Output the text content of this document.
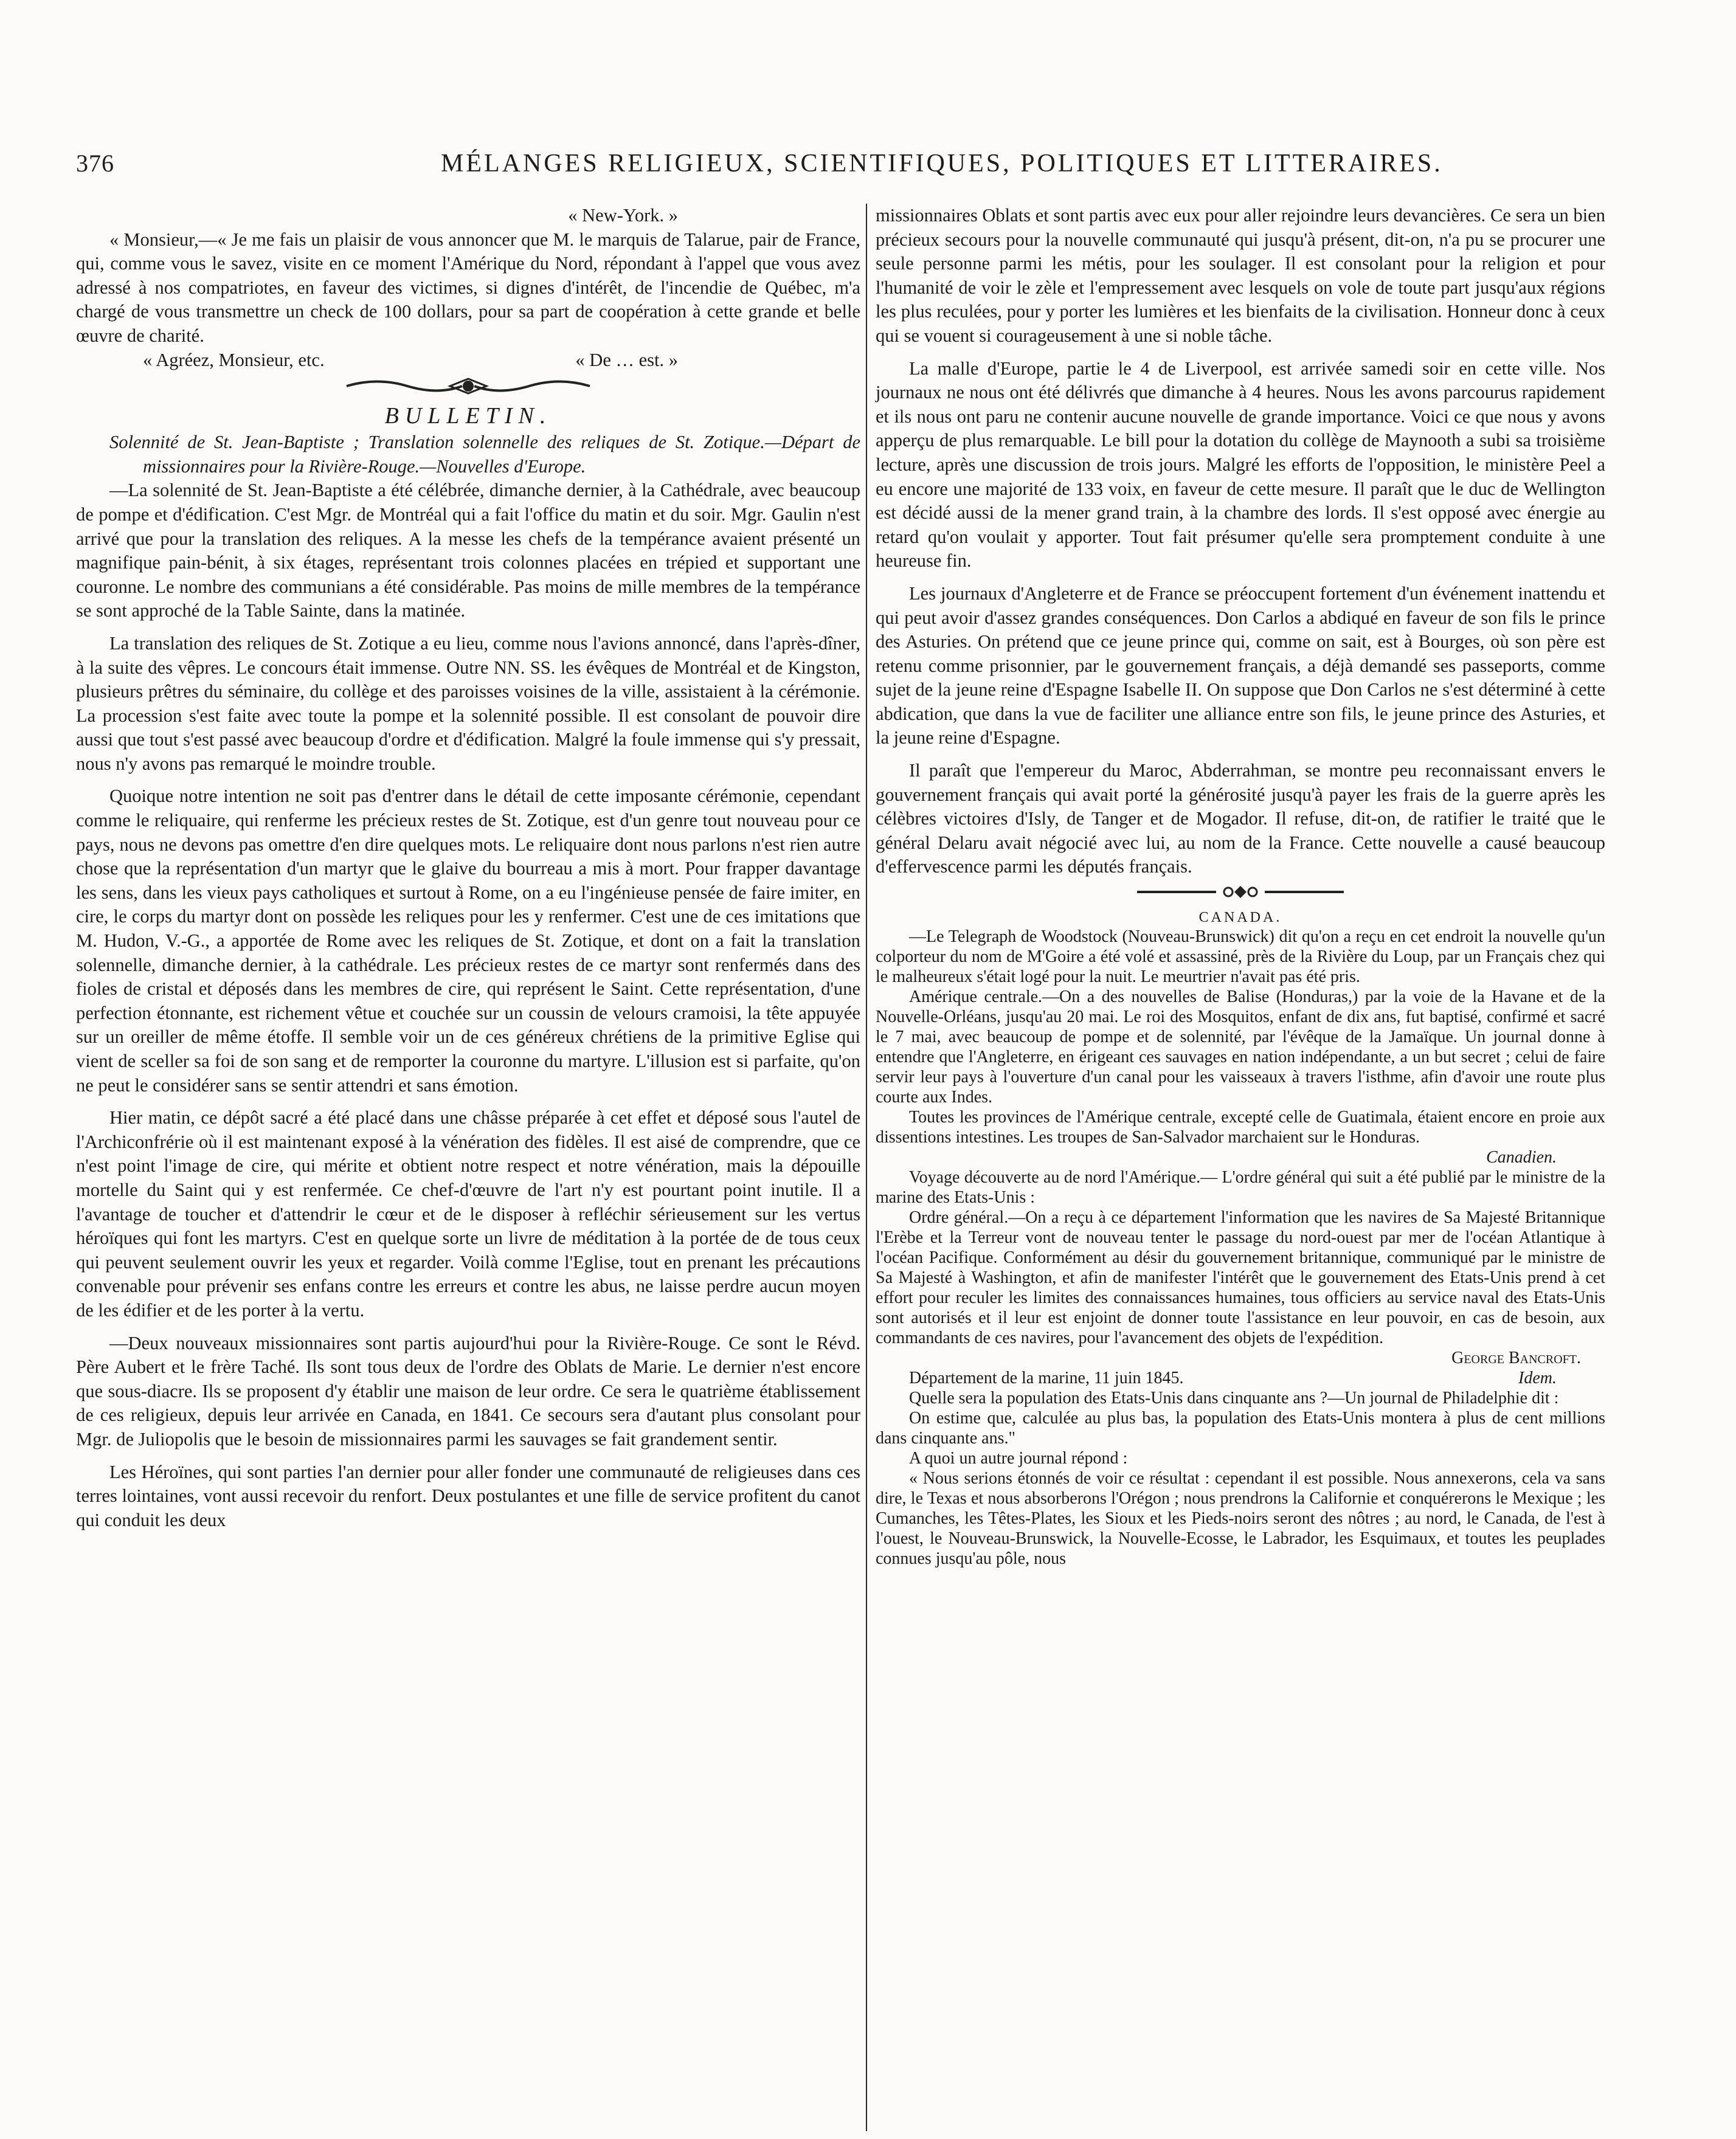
376	MÉLANGES RELIGIEUX, SCIENTIFIQUES, POLITIQUES ET LITTERAIRES.

« New-York. »

« Monsieur,—« Je me fais un plaisir de vous annoncer que M. le marquis de Talarue, pair de France, qui, comme vous le savez, visite en ce moment l'Amérique du Nord, répondant à l'appel que vous avez adressé à nos compatriotes, en faveur des victimes, si dignes d'intérêt, de l'incendie de Québec, m'a chargé de vous transmettre un check de 100 dollars, pour sa part de coopération à cette grande et belle œuvre de charité.

« Agréez, Monsieur, etc.	« De … est. »

BULLETIN.

Solennité de St. Jean-Baptiste ; Translation solennelle des reliques de St. Zotique.—Départ de missionnaires pour la Rivière-Rouge.—Nouvelles d'Europe.

—La solennité de St. Jean-Baptiste a été célébrée, dimanche dernier, à la Cathédrale, avec beaucoup de pompe et d'édification. C'est Mgr. de Montréal qui a fait l'office du matin et du soir. Mgr. Gaulin n'est arrivé que pour la translation des reliques. A la messe les chefs de la tempérance avaient présenté un magnifique pain-bénit, à six étages, représentant trois colonnes placées en trépied et supportant une couronne. Le nombre des communians a été considérable. Pas moins de mille membres de la tempérance se sont approché de la Table Sainte, dans la matinée.

La translation des reliques de St. Zotique a eu lieu, comme nous l'avions annoncé, dans l'après-dîner, à la suite des vêpres. Le concours était immense. Outre NN. SS. les évêques de Montréal et de Kingston, plusieurs prêtres du séminaire, du collège et des paroisses voisines de la ville, assistaient à la cérémonie. La procession s'est faite avec toute la pompe et la solennité possible. Il est consolant de pouvoir dire aussi que tout s'est passé avec beaucoup d'ordre et d'édification. Malgré la foule immense qui s'y pressait, nous n'y avons pas remarqué le moindre trouble.

Quoique notre intention ne soit pas d'entrer dans le détail de cette imposante cérémonie, cependant comme le reliquaire, qui renferme les précieux restes de St. Zotique, est d'un genre tout nouveau pour ce pays, nous ne devons pas omettre d'en dire quelques mots. Le reliquaire dont nous parlons n'est rien autre chose que la représentation d'un martyr que le glaive du bourreau a mis à mort. Pour frapper davantage les sens, dans les vieux pays catholiques et surtout à Rome, on a eu l'ingénieuse pensée de faire imiter, en cire, le corps du martyr dont on possède les reliques pour les y renfermer. C'est une de ces imitations que M. Hudon, V.-G., a apportée de Rome avec les reliques de St. Zotique, et dont on a fait la translation solennelle, dimanche dernier, à la cathédrale. Les précieux restes de ce martyr sont renfermés dans des fioles de cristal et déposés dans les membres de cire, qui représent le Saint. Cette représentation, d'une perfection étonnante, est richement vêtue et couchée sur un coussin de velours cramoisi, la tête appuyée sur un oreiller de même étoffe. Il semble voir un de ces généreux chrétiens de la primitive Eglise qui vient de sceller sa foi de son sang et de remporter la couronne du martyre. L'illusion est si parfaite, qu'on ne peut le considérer sans se sentir attendri et sans émotion.

Hier matin, ce dépôt sacré a été placé dans une châsse préparée à cet effet et déposé sous l'autel de l'Archiconfrérie où il est maintenant exposé à la vénération des fidèles. Il est aisé de comprendre, que ce n'est point l'image de cire, qui mérite et obtient notre respect et notre vénération, mais la dépouille mortelle du Saint qui y est renfermée. Ce chef-d'œuvre de l'art n'y est pourtant point inutile. Il a l'avantage de toucher et d'attendrir le cœur et de le disposer à refléchir sérieusement sur les vertus héroïques qui font les martyrs. C'est en quelque sorte un livre de méditation à la portée de de tous ceux qui peuvent seulement ouvrir les yeux et regarder. Voilà comme l'Eglise, tout en prenant les précautions convenable pour prévenir ses enfans contre les erreurs et contre les abus, ne laisse perdre aucun moyen de les édifier et de les porter à la vertu.

—Deux nouveaux missionnaires sont partis aujourd'hui pour la Rivière-Rouge. Ce sont le Révd. Père Aubert et le frère Taché. Ils sont tous deux de l'ordre des Oblats de Marie. Le dernier n'est encore que sous-diacre. Ils se proposent d'y établir une maison de leur ordre. Ce sera le quatrième établissement de ces religieux, depuis leur arrivée en Canada, en 1841. Ce secours sera d'autant plus consolant pour Mgr. de Juliopolis que le besoin de missionnaires parmi les sauvages se fait grandement sentir.

Les Héroïnes, qui sont parties l'an dernier pour aller fonder une communauté de religieuses dans ces terres lointaines, vont aussi recevoir du renfort. Deux postulantes et une fille de service profitent du canot qui conduit les deux

missionnaires Oblats et sont partis avec eux pour aller rejoindre leurs devancières. Ce sera un bien précieux secours pour la nouvelle communauté qui jusqu'à présent, dit-on, n'a pu se procurer une seule personne parmi les métis, pour les soulager. Il est consolant pour la religion et pour l'humanité de voir le zèle et l'empressement avec lesquels on vole de toute part jusqu'aux régions les plus reculées, pour y porter les lumières et les bienfaits de la civilisation. Honneur donc à ceux qui se vouent si courageusement à une si noble tâche.

La malle d'Europe, partie le 4 de Liverpool, est arrivée samedi soir en cette ville. Nos journaux ne nous ont été délivrés que dimanche à 4 heures. Nous les avons parcourus rapidement et ils nous ont paru ne contenir aucune nouvelle de grande importance. Voici ce que nous y avons apperçu de plus remarquable. Le bill pour la dotation du collège de Maynooth a subi sa troisième lecture, après une discussion de trois jours. Malgré les efforts de l'opposition, le ministère Peel a eu encore une majorité de 133 voix, en faveur de cette mesure. Il paraît que le duc de Wellington est décidé aussi de la mener grand train, à la chambre des lords. Il s'est opposé avec énergie au retard qu'on voulait y apporter. Tout fait présumer qu'elle sera promptement conduite à une heureuse fin.

Les journaux d'Angleterre et de France se préoccupent fortement d'un événement inattendu et qui peut avoir d'assez grandes conséquences. Don Carlos a abdiqué en faveur de son fils le prince des Asturies. On prétend que ce jeune prince qui, comme on sait, est à Bourges, où son père est retenu comme prisonnier, par le gouvernement français, a déjà demandé ses passeports, comme sujet de la jeune reine d'Espagne Isabelle II. On suppose que Don Carlos ne s'est déterminé à cette abdication, que dans la vue de faciliter une alliance entre son fils, le jeune prince des Asturies, et la jeune reine d'Espagne.

Il paraît que l'empereur du Maroc, Abderrahman, se montre peu reconnaissant envers le gouvernement français qui avait porté la générosité jusqu'à payer les frais de la guerre après les célèbres victoires d'Isly, de Tanger et de Mogador. Il refuse, dit-on, de ratifier le traité que le général Delaru avait négocié avec lui, au nom de la France. Cette nouvelle a causé beaucoup d'effervescence parmi les députés français.

CANADA.

—Le Telegraph de Woodstock (Nouveau-Brunswick) dit qu'on a reçu en cet endroit la nouvelle qu'un colporteur du nom de M'Goire a été volé et assassiné, près de la Rivière du Loup, par un Français chez qui le malheureux s'était logé pour la nuit. Le meurtrier n'avait pas été pris.

Amérique centrale.—On a des nouvelles de Balise (Honduras,) par la voie de la Havane et de la Nouvelle-Orléans, jusqu'au 20 mai. Le roi des Mosquitos, enfant de dix ans, fut baptisé, confirmé et sacré le 7 mai, avec beaucoup de pompe et de solennité, par l'évêque de la Jamaïque. Un journal donne à entendre que l'Angleterre, en érigeant ces sauvages en nation indépendante, a un but secret ; celui de faire servir leur pays à l'ouverture d'un canal pour les vaisseaux à travers l'isthme, afin d'avoir une route plus courte aux Indes.

Toutes les provinces de l'Amérique centrale, excepté celle de Guatimala, étaient encore en proie aux dissentions intestines. Les troupes de San-Salvador marchaient sur le Honduras.

Canadien.

Voyage découverte au de nord l'Amérique.— L'ordre général qui suit a été publié par le ministre de la marine des Etats-Unis :

Ordre général.—On a reçu à ce département l'information que les navires de Sa Majesté Britannique l'Erèbe et la Terreur vont de nouveau tenter le passage du nord-ouest par mer de l'océan Atlantique à l'océan Pacifique. Conformément au désir du gouvernement britannique, communiqué par le ministre de Sa Majesté à Washington, et afin de manifester l'intérêt que le gouvernement des Etats-Unis prend à cet effort pour reculer les limites des connaissances humaines, tous officiers au service naval des Etats-Unis sont autorisés et il leur est enjoint de donner toute l'assistance en leur pouvoir, en cas de besoin, aux commandants de ces navires, pour l'avancement des objets de l'expédition.

George Bancroft.

Département de la marine, 11 juin 1845.	Idem.

Quelle sera la population des Etats-Unis dans cinquante ans ?—Un journal de Philadelphie dit :

On estime que, calculée au plus bas, la population des Etats-Unis montera à plus de cent millions dans cinquante ans."

A quoi un autre journal répond :

« Nous serions étonnés de voir ce résultat : cependant il est possible. Nous annexerons, cela va sans dire, le Texas et nous absorberons l'Orégon ; nous prendrons la Californie et conquérerons le Mexique ; les Cumanches, les Têtes-Plates, les Sioux et les Pieds-noirs seront des nôtres ; au nord, le Canada, de l'est à l'ouest, le Nouveau-Brunswick, la Nouvelle-Ecosse, le Labrador, les Esquimaux, et toutes les peuplades connues jusqu'au pôle, nous
